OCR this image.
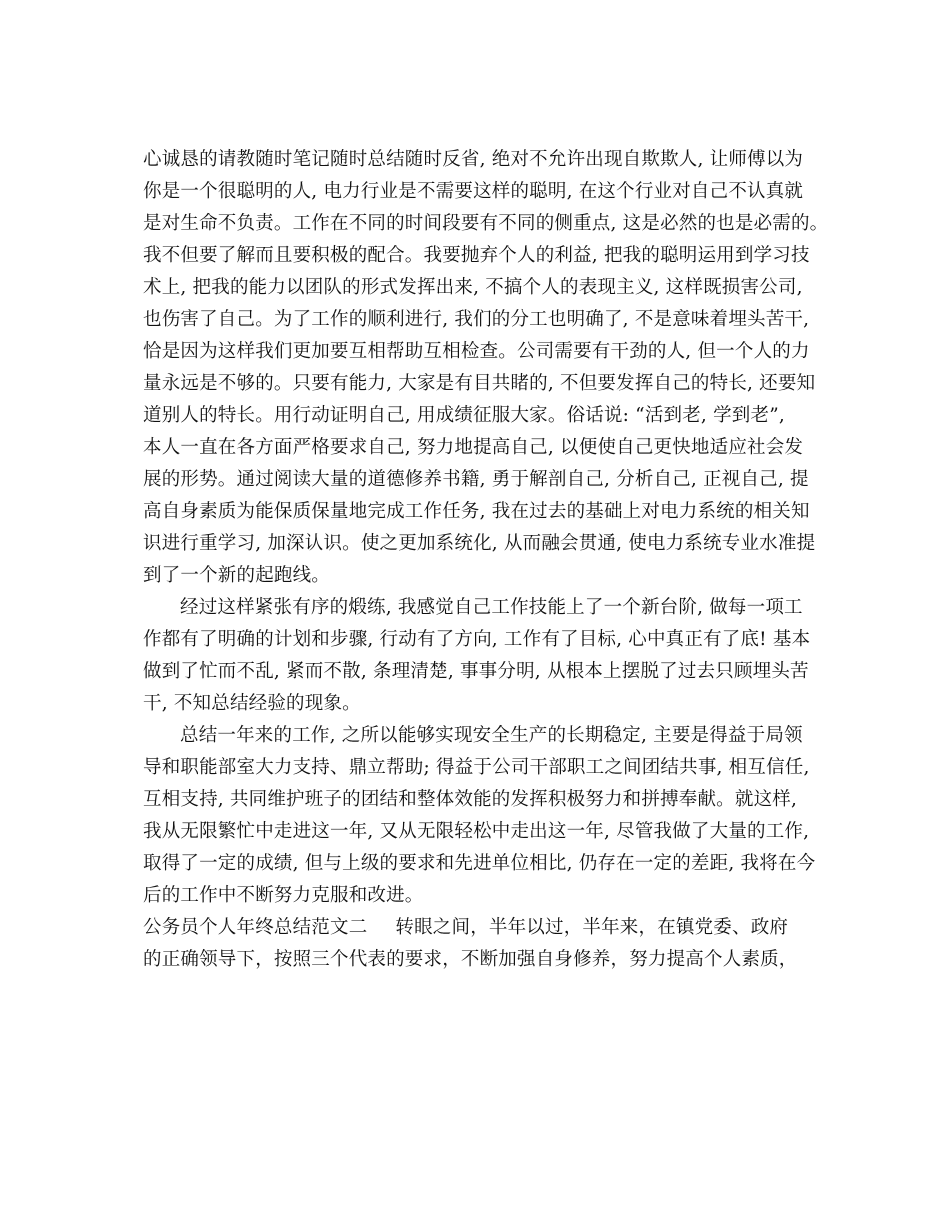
心诚恳的请教随时笔记随时总结随时反省, 绝对不允许出现自欺欺人, 让师傅以为
你是一个很聪明的人, 电力行业是不需要这样的聪明, 在这个行业对自己不认真就
是对生命不负责。工作在不同的时间段要有不同的侧重点, 这是必然的也是必需的。
我不但要了解而且要积极的配合。我要抛弃个人的利益, 把我的聪明运用到学习技
术上, 把我的能力以团队的形式发挥出来, 不搞个人的表现主义, 这样既损害公司,
也伤害了自己。为了工作的顺利进行, 我们的分工也明确了, 不是意味着埋头苦干,
恰是因为这样我们更加要互相帮助互相检查。公司需要有干劲的人, 但一个人的力
量永远是不够的。只要有能力, 大家是有目共睹的, 不但要发挥自己的特长, 还要知
道别人的特长。用行动证明自己, 用成绩征服大家。俗话说: “活到老, 学到老”,
本人一直在各方面严格要求自己, 努力地提高自己, 以便使自己更快地适应社会发
展的形势。通过阅读大量的道德修养书籍, 勇于解剖自己, 分析自己, 正视自己, 提
高自身素质为能保质保量地完成工作任务, 我在过去的基础上对电力系统的相关知
识进行重学习, 加深认识。使之更加系统化, 从而融会贯通, 使电力系统专业水准提
到了一个新的起跑线。
经过这样紧张有序的煅练, 我感觉自己工作技能上了一个新台阶, 做每一项工
作都有了明确的计划和步骤, 行动有了方向, 工作有了目标, 心中真正有了底! 基本
做到了忙而不乱, 紧而不散, 条理清楚, 事事分明, 从根本上摆脱了过去只顾埋头苦
干, 不知总结经验的现象。
总结一年来的工作, 之所以能够实现安全生产的长期稳定, 主要是得益于局领
导和职能部室大力支持、鼎立帮助; 得益于公司干部职工之间团结共事, 相互信任,
互相支持, 共同维护班子的团结和整体效能的发挥积极努力和拼搏奉献。就这样,
我从无限繁忙中走进这一年, 又从无限轻松中走出这一年, 尽管我做了大量的工作,
取得了一定的成绩, 但与上级的要求和先进单位相比, 仍存在一定的差距, 我将在今
后的工作中不断努力克服和改进。
公务员个人年终总结范文二 转眼之间，半年以过，半年来，在镇党委、政府
的正确领导下，按照三个代表的要求，不断加强自身修养，努力提高个人素质，
